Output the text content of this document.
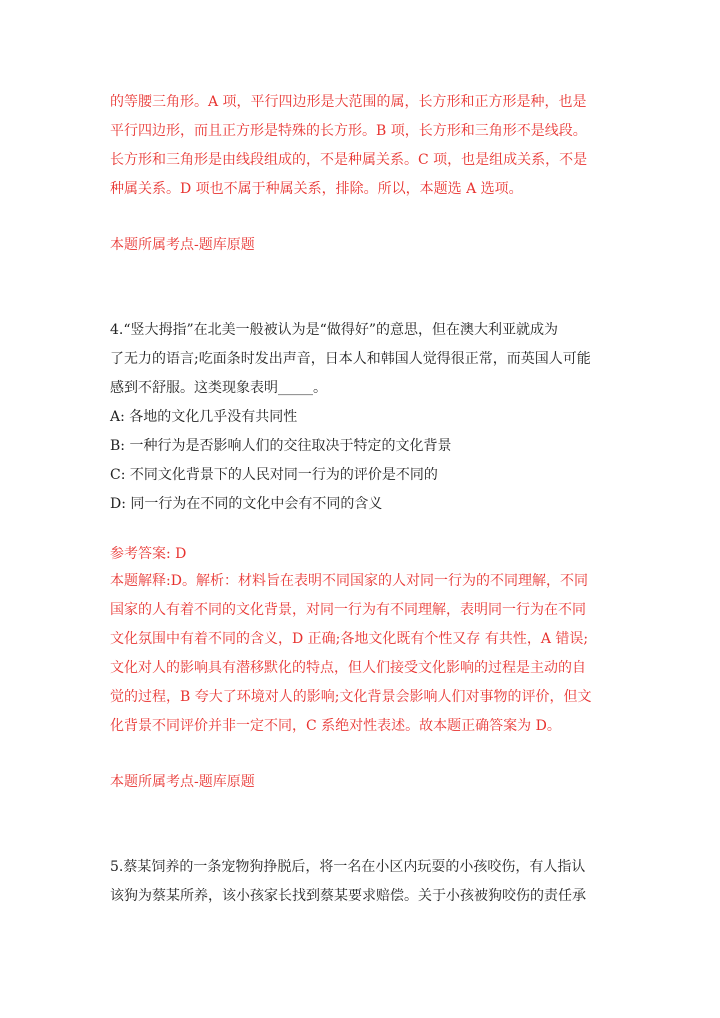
的等腰三角形。A 项，平行四边形是大范围的属，长方形和正方形是种，也是
平行四边形，而且正方形是特殊的长方形。B 项，长方形和三角形不是线段。
长方形和三角形是由线段组成的，不是种属关系。C 项，也是组成关系，不是
种属关系。D 项也不属于种属关系，排除。所以，本题选 A 选项。

本题所属考点-题库原题

4.“竖大拇指”在北美一般被认为是“做得好”的意思，但在澳大利亚就成为
了无力的语言;吃面条时发出声音，日本人和韩国人觉得很正常，而英国人可能
感到不舒服。这类现象表明_____。

A: 各地的文化几乎没有共同性

B: 一种行为是否影响人们的交往取决于特定的文化背景

C: 不同文化背景下的人民对同一行为的评价是不同的

D: 同一行为在不同的文化中会有不同的含义

参考答案: D

本题解释:D。解析：材料旨在表明不同国家的人对同一行为的不同理解，不同
国家的人有着不同的文化背景，对同一行为有不同理解，表明同一行为在不同
文化氛围中有着不同的含义，D 正确;各地文化既有个性又存 有共性，A 错误;
文化对人的影响具有潜移默化的特点，但人们接受文化影响的过程是主动的自
觉的过程，B 夸大了环境对人的影响;文化背景会影响人们对事物的评价，但文
化背景不同评价并非一定不同，C 系绝对性表述。故本题正确答案为 D。

本题所属考点-题库原题

5.蔡某饲养的一条宠物狗挣脱后，将一名在小区内玩耍的小孩咬伤，有人指认
该狗为蔡某所养，该小孩家长找到蔡某要求赔偿。关于小孩被狗咬伤的责任承
